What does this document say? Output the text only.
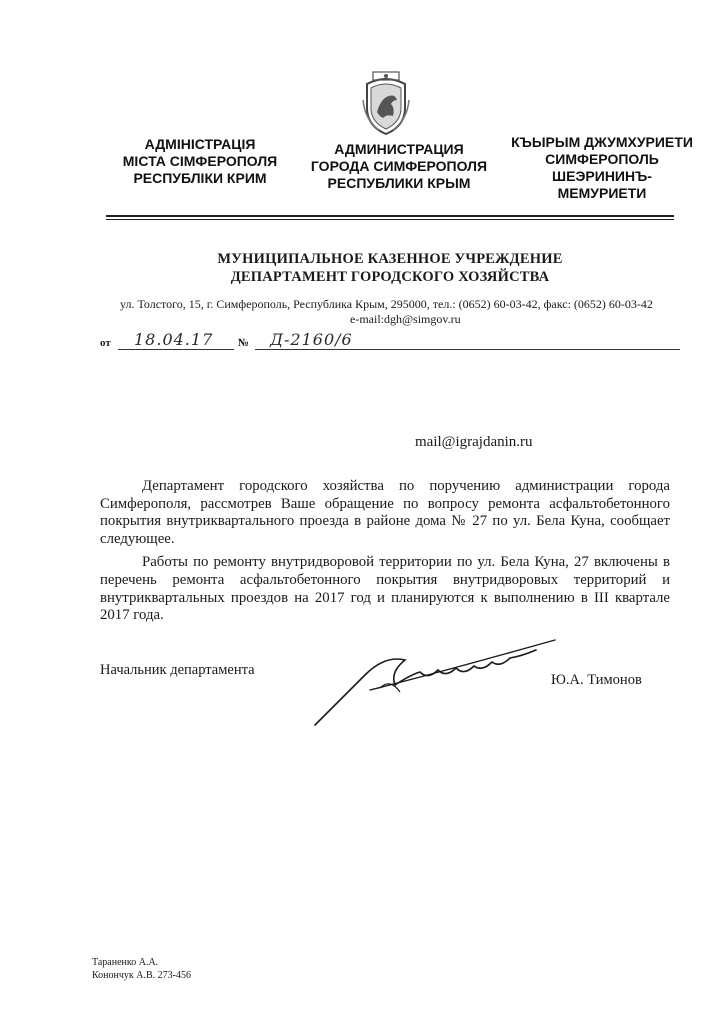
АДМІНІСТРАЦІЯ
МІСТА СІМФЕРОПОЛЯ
РЕСПУБЛІКИ КРИМ
АДМИНИСТРАЦИЯ
ГОРОДА СИМФЕРОПОЛЯ
РЕСПУБЛИКИ КРЫМ
КЪЫРЫМ ДЖУМХУРИЕТИ
СИМФЕРОПОЛЬ
ШЕЭРИНИНЪ-
МЕМУРИЕТИ
МУНИЦИПАЛЬНОЕ КАЗЕННОЕ УЧРЕЖДЕНИЕ
ДЕПАРТАМЕНТ ГОРОДСКОГО ХОЗЯЙСТВА
ул. Толстого, 15, г. Симферополь, Республика Крым, 295000, тел.: (0652) 60-03-42, факс: (0652) 60-03-42
e-mail:dgh@simgov.ru
от 18.04.17 № Д-2160/6
mail@igrajdanin.ru

Департамент городского хозяйства по поручению администрации города Симферополя, рассмотрев Ваше обращение по вопросу ремонта асфальтобетонного покрытия внутриквартального проезда в районе дома № 27 по ул. Бела Куна, сообщает следующее.

Работы по ремонту внутридворовой территории по ул. Бела Куна, 27 включены в перечень ремонта асфальтобетонного покрытия внутридворовых территорий и внутриквартальных проездов на 2017 год и планируются к выполнению в III квартале 2017 года.

Начальник департамента
Ю.А. Тимонов
Тараненко А.А.
Конончук А.В. 273-456
